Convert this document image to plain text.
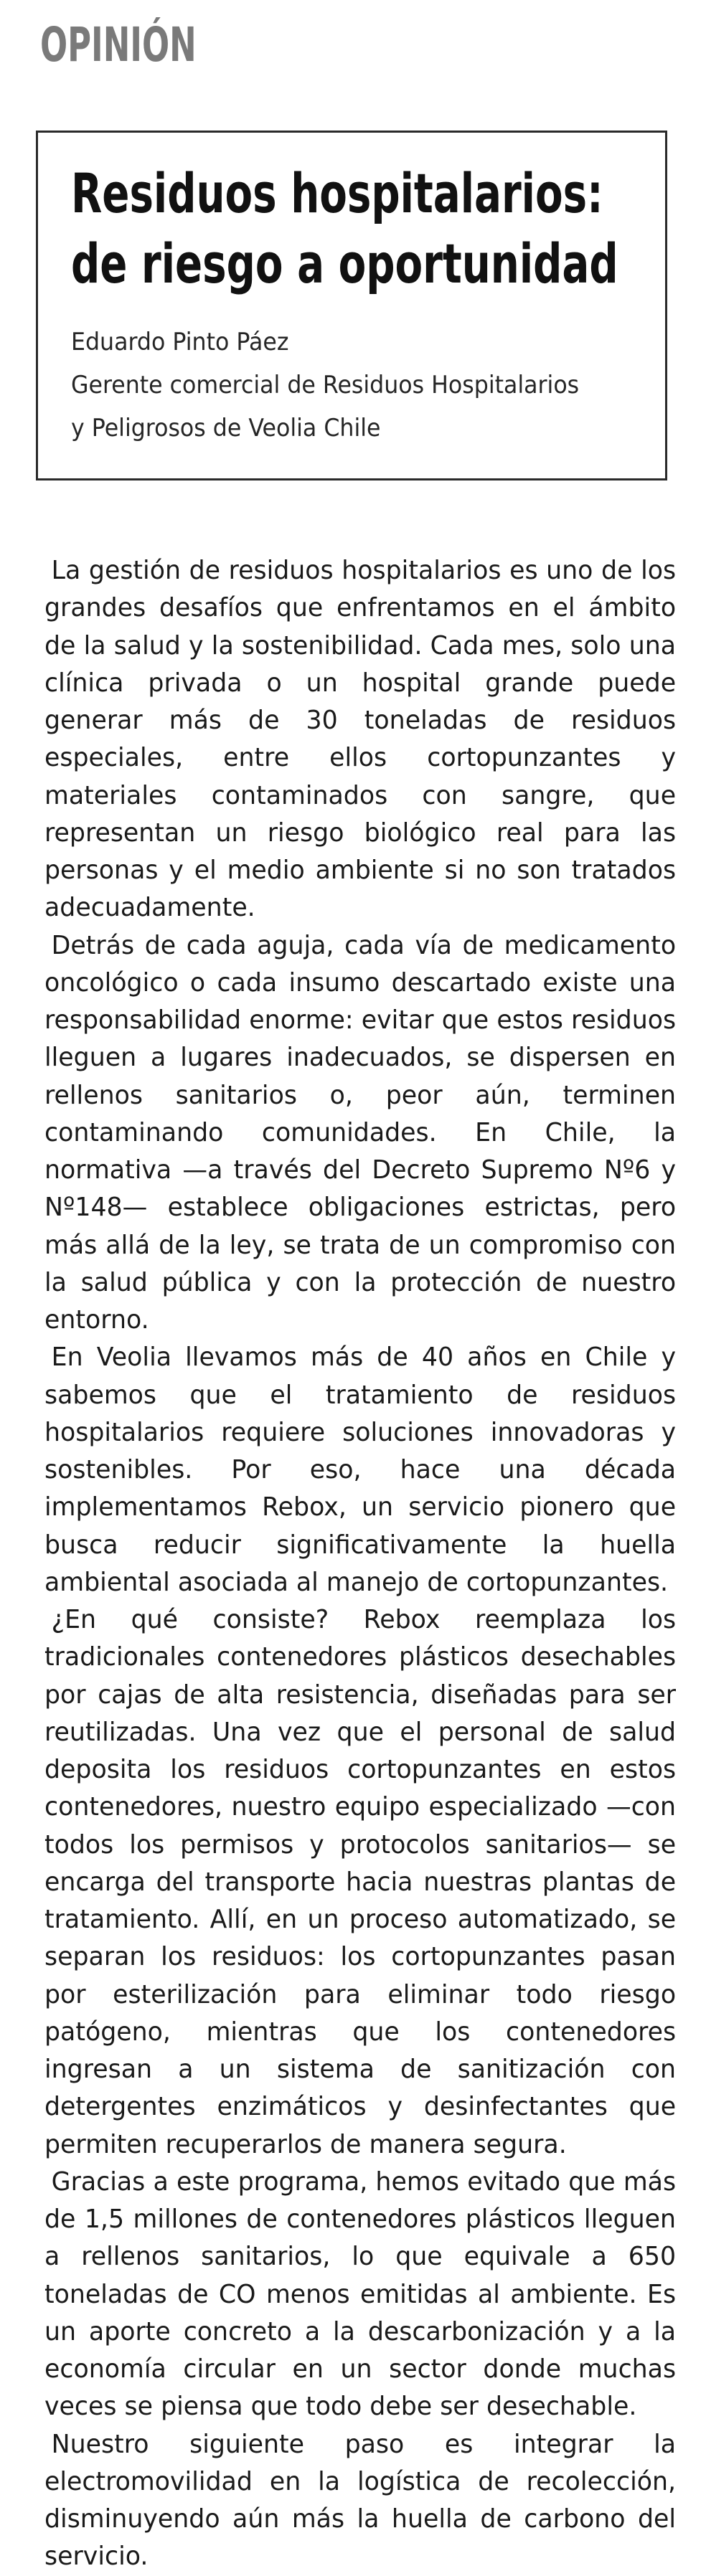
OPINIÓN
Residuos hospitalarios:
de riesgo a oportunidad
Eduardo Pinto Páez
Gerente comercial de Residuos Hospitalarios
y Peligrosos de Veolia Chile

La gestión de residuos hospitalarios es uno de los grandes desafíos que enfrentamos en el ámbito de la salud y la sostenibilidad. Cada mes, solo una clínica privada o un hospital grande puede generar más de 30 toneladas de residuos especiales, entre ellos cortopunzantes y materiales contaminados con sangre, que representan un riesgo biológico real para las personas y el medio ambiente si no son tratados adecuadamente.

Detrás de cada aguja, cada vía de medicamento oncológico o cada insumo descartado existe una responsabilidad enorme: evitar que estos residuos lleguen a lugares inadecuados, se dispersen en rellenos sanitarios o, peor aún, terminen contaminando comunidades. En Chile, la normativa —a través del Decreto Supremo Nº6 y Nº148— establece obligaciones estrictas, pero más allá de la ley, se trata de un compromiso con la salud pública y con la protección de nuestro entorno.

En Veolia llevamos más de 40 años en Chile y sabemos que el tratamiento de residuos hospitalarios requiere soluciones innovadoras y sostenibles. Por eso, hace una década implementamos Rebox, un servicio pionero que busca reducir significativamente la huella ambiental asociada al manejo de cortopunzantes.

¿En qué consiste? Rebox reemplaza los tradicionales contenedores plásticos desechables por cajas de alta resistencia, diseñadas para ser reutilizadas. Una vez que el personal de salud deposita los residuos cortopunzantes en estos contenedores, nuestro equipo especializado —con todos los permisos y protocolos sanitarios— se encarga del transporte hacia nuestras plantas de tratamiento. Allí, en un proceso automatizado, se separan los residuos: los cortopunzantes pasan por esterilización para eliminar todo riesgo patógeno, mientras que los contenedores ingresan a un sistema de sanitización con detergentes enzimáticos y desinfectantes que permiten recuperarlos de manera segura.

Gracias a este programa, hemos evitado que más de 1,5 millones de contenedores plásticos lleguen a rellenos sanitarios, lo que equivale a 650 toneladas de CO menos emitidas al ambiente. Es un aporte concreto a la descarbonización y a la economía circular en un sector donde muchas veces se piensa que todo debe ser desechable.

Nuestro siguiente paso es integrar la electromovilidad en la logística de recolección, disminuyendo aún más la huella de carbono del servicio.
